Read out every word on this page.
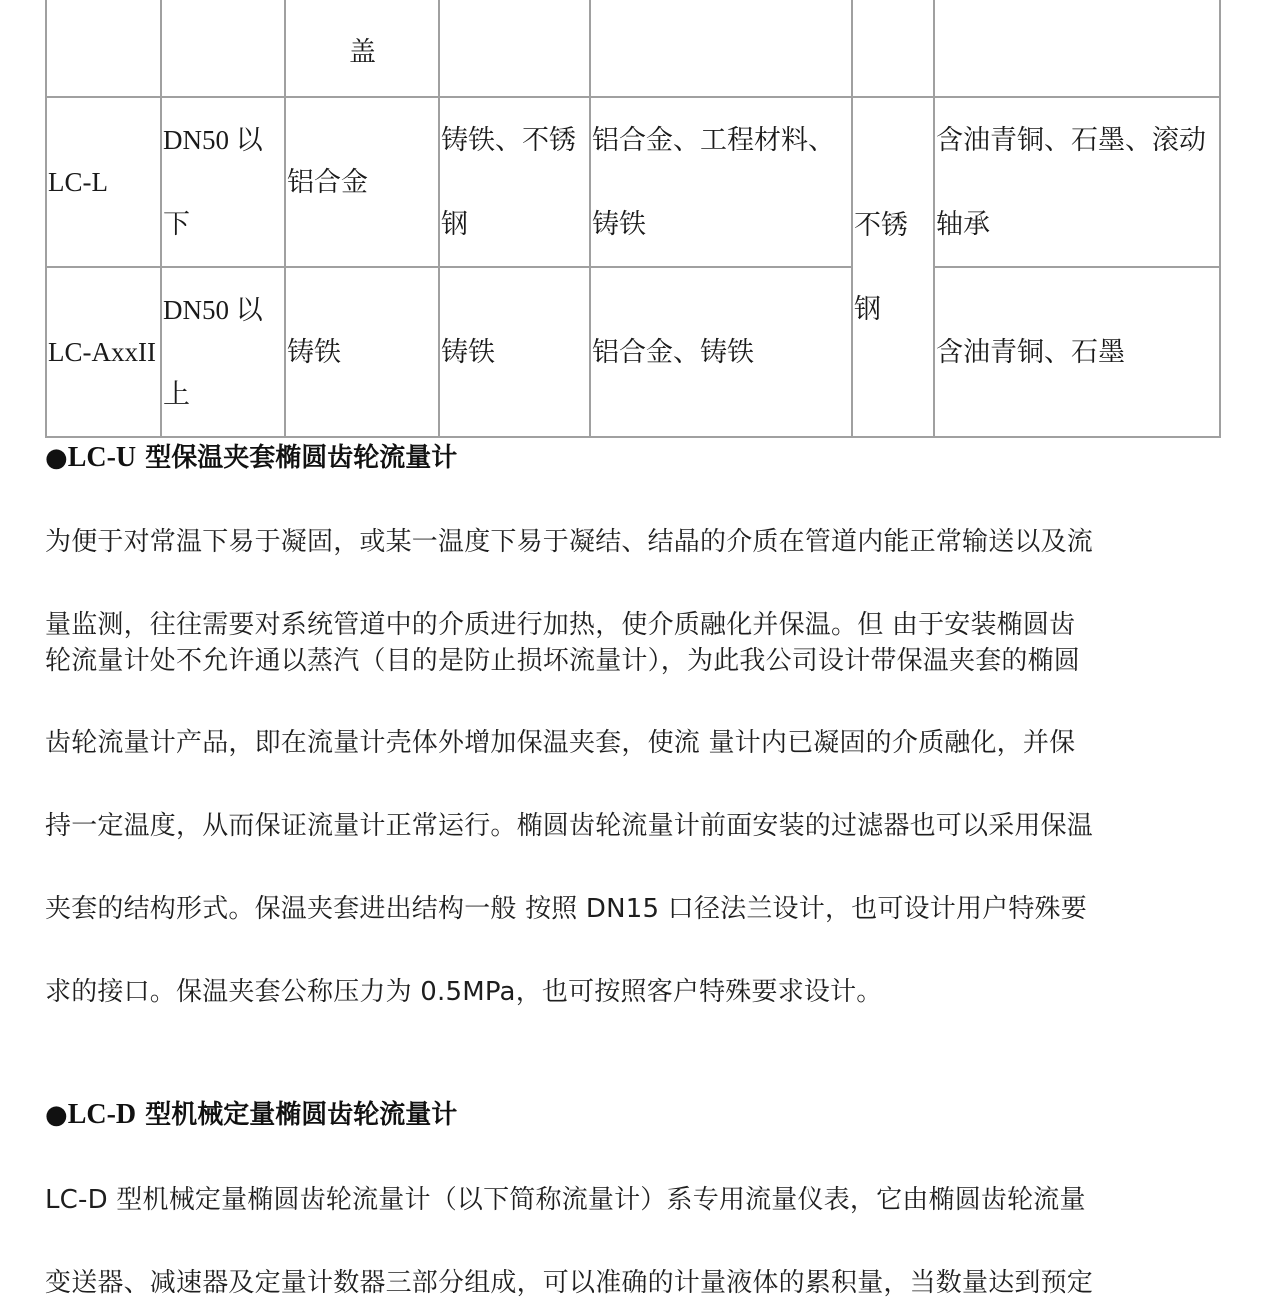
		盖				
LC-L	DN50 以下	铝合金	铸铁、不锈钢	铝合金、工程材料、铸铁	不锈钢	含油青铜、石墨、滚动轴承
LC-AxxII	DN50 以上	铸铁	铸铁	铝合金、铸铁		含油青铜、石墨
●LC-U 型保温夹套椭圆齿轮流量计
为便于对常温下易于凝固，或某一温度下易于凝结、结晶的介质在管道内能正常输送以及流
量监测，往往需要对系统管道中的介质进行加热，使介质融化并保温。但 由于安装椭圆齿
轮流量计处不允许通以蒸汽（目的是防止损坏流量计），为此我公司设计带保温夹套的椭圆
齿轮流量计产品，即在流量计壳体外增加保温夹套，使流 量计内已凝固的介质融化，并保
持一定温度，从而保证流量计正常运行。椭圆齿轮流量计前面安装的过滤器也可以采用保温
夹套的结构形式。保温夹套进出结构一般 按照 DN15 口径法兰设计，也可设计用户特殊要
求的接口。保温夹套公称压力为 0.5MPa，也可按照客户特殊要求设计。
●LC-D 型机械定量椭圆齿轮流量计
LC-D 型机械定量椭圆齿轮流量计（以下简称流量计）系专用流量仪表，它由椭圆齿轮流量
变送器、减速器及定量计数器三部分组成，可以准确的计量液体的累积量，当数量达到预定
